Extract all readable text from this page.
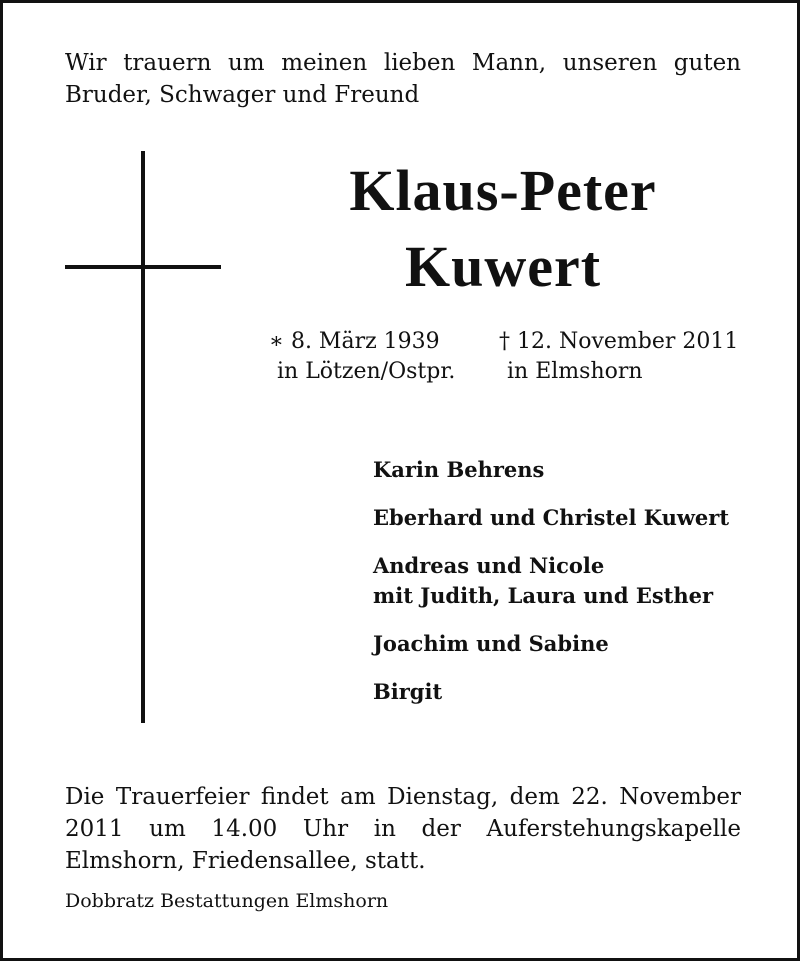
Wir trauern um meinen lieben Mann, unseren guten Bruder, Schwager und Freund
Klaus-Peter
Kuwert
∗ 8. März 1939
in Lötzen/Ostpr.
† 12. November 2011
in Elmshorn
Karin Behrens
Eberhard und Christel Kuwert
Andreas und Nicole
mit Judith, Laura und Esther
Joachim und Sabine
Birgit
Die Trauerfeier findet am Dienstag, dem 22. November 2011 um 14.00 Uhr in der Auferstehungskapelle Elmshorn, Friedensallee, statt.
Dobbratz Bestattungen Elmshorn
